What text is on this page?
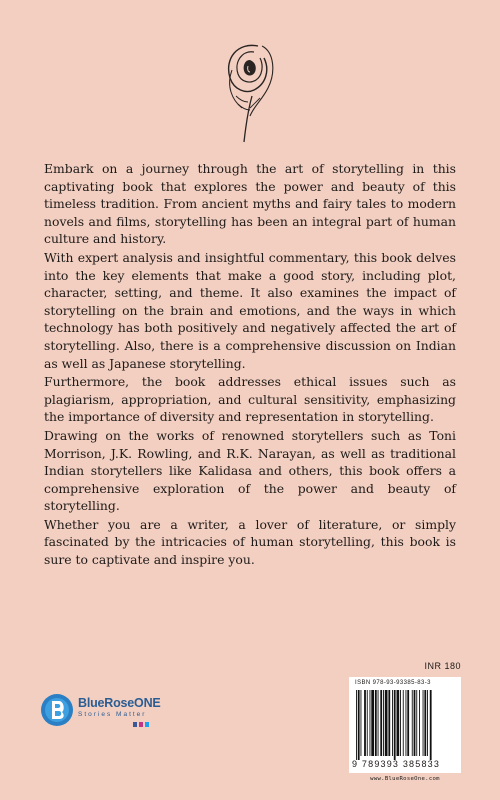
Embark on a journey through the art of storytelling in this captivating book that explores the power and beauty of this timeless tradition. From ancient myths and fairy tales to modern novels and films, storytelling has been an integral part of human culture and history.

With expert analysis and insightful commentary, this book delves into the key elements that make a good story, including plot, character, setting, and theme. It also examines the impact of storytelling on the brain and emotions, and the ways in which technology has both positively and negatively affected the art of storytelling. Also, there is a comprehensive discussion on Indian as well as Japanese storytelling.

Furthermore, the book addresses ethical issues such as plagiarism, appropriation, and cultural sensitivity, emphasizing the importance of diversity and representation in storytelling.

Drawing on the works of renowned storytellers such as Toni Morrison, J.K. Rowling, and R.K. Narayan, as well as traditional Indian storytellers like Kalidasa and others, this book offers a comprehensive exploration of the power and beauty of storytelling.

Whether you are a writer, a lover of literature, or simply fascinated by the intricacies of human storytelling, this book is sure to captivate and inspire you.

BlueRoseONE
Stories Matter
INR 180
ISBN 978-93-93385-83-3
9 789393 385833
www.BlueRoseOne.com
